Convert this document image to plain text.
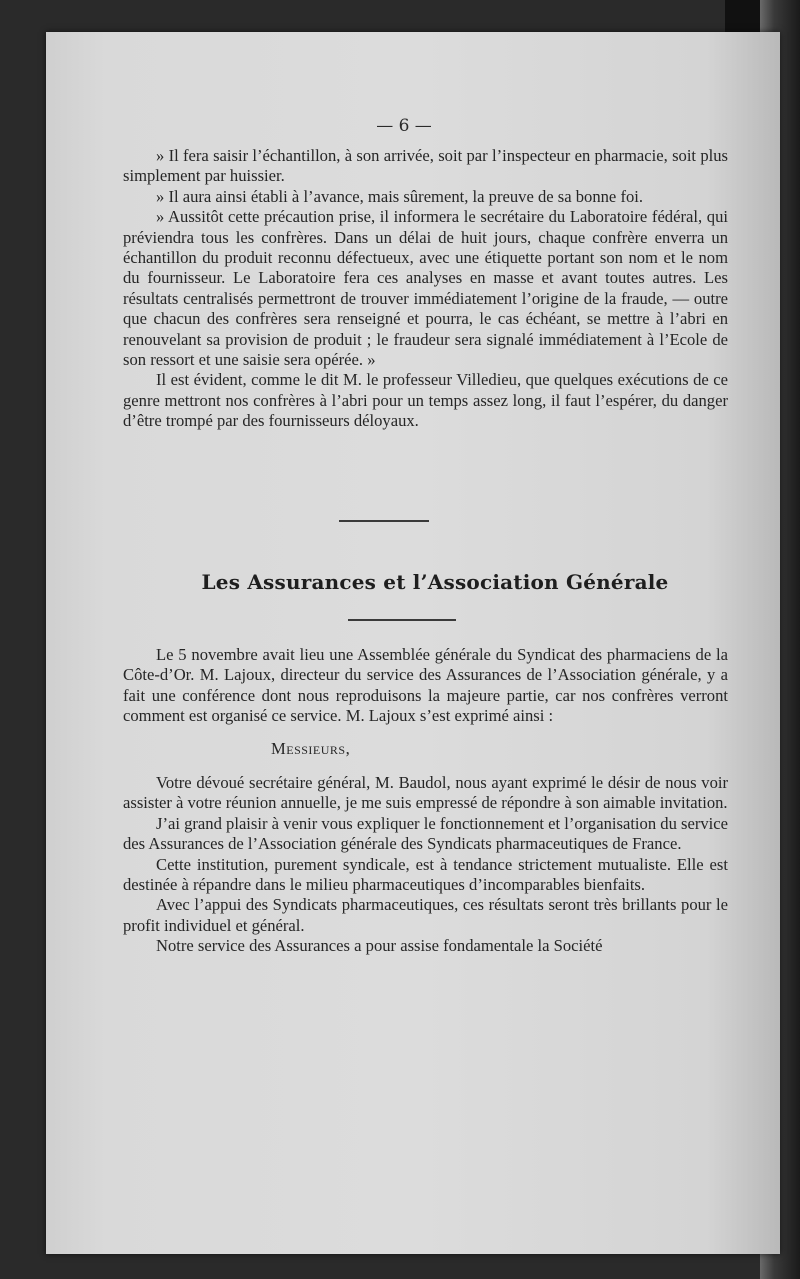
— 6 —

» Il fera saisir l’échantillon, à son arrivée, soit par l’inspecteur en pharmacie, soit plus simplement par huissier.

» Il aura ainsi établi à l’avance, mais sûrement, la preuve de sa bonne foi.

» Aussitôt cette précaution prise, il informera le secrétaire du Laboratoire fédéral, qui préviendra tous les confrères. Dans un délai de huit jours, chaque confrère enverra un échantillon du produit reconnu défectueux, avec une étiquette portant son nom et le nom du fournisseur. Le Laboratoire fera ces analyses en masse et avant toutes autres. Les résultats centralisés permettront de trouver immédiatement l’origine de la fraude, — outre que chacun des confrères sera renseigné et pourra, le cas échéant, se mettre à l’abri en renouvelant sa provision de produit ; le fraudeur sera signalé immédiatement à l’Ecole de son ressort et une saisie sera opérée. »

Il est évident, comme le dit M. le professeur Villedieu, que quelques exécutions de ce genre mettront nos confrères à l’abri pour un temps assez long, il faut l’espérer, du danger d’être trompé par des fournisseurs déloyaux.

Les Assurances et l’Association Générale

Le 5 novembre avait lieu une Assemblée générale du Syndicat des pharmaciens de la Côte-d’Or. M. Lajoux, directeur du service des Assurances de l’Association générale, y a fait une conférence dont nous reproduisons la majeure partie, car nos confrères verront comment est organisé ce service. M. Lajoux s’est exprimé ainsi :

Messieurs,

Votre dévoué secrétaire général, M. Baudol, nous ayant exprimé le désir de nous voir assister à votre réunion annuelle, je me suis empressé de répondre à son aimable invitation.

J’ai grand plaisir à venir vous expliquer le fonctionnement et l’organisation du service des Assurances de l’Association générale des Syndicats pharmaceutiques de France.

Cette institution, purement syndicale, est à tendance strictement mutualiste. Elle est destinée à répandre dans le milieu pharmaceutiques d’incomparables bienfaits.

Avec l’appui des Syndicats pharmaceutiques, ces résultats seront très brillants pour le profit individuel et général.

Notre service des Assurances a pour assise fondamentale la Société
